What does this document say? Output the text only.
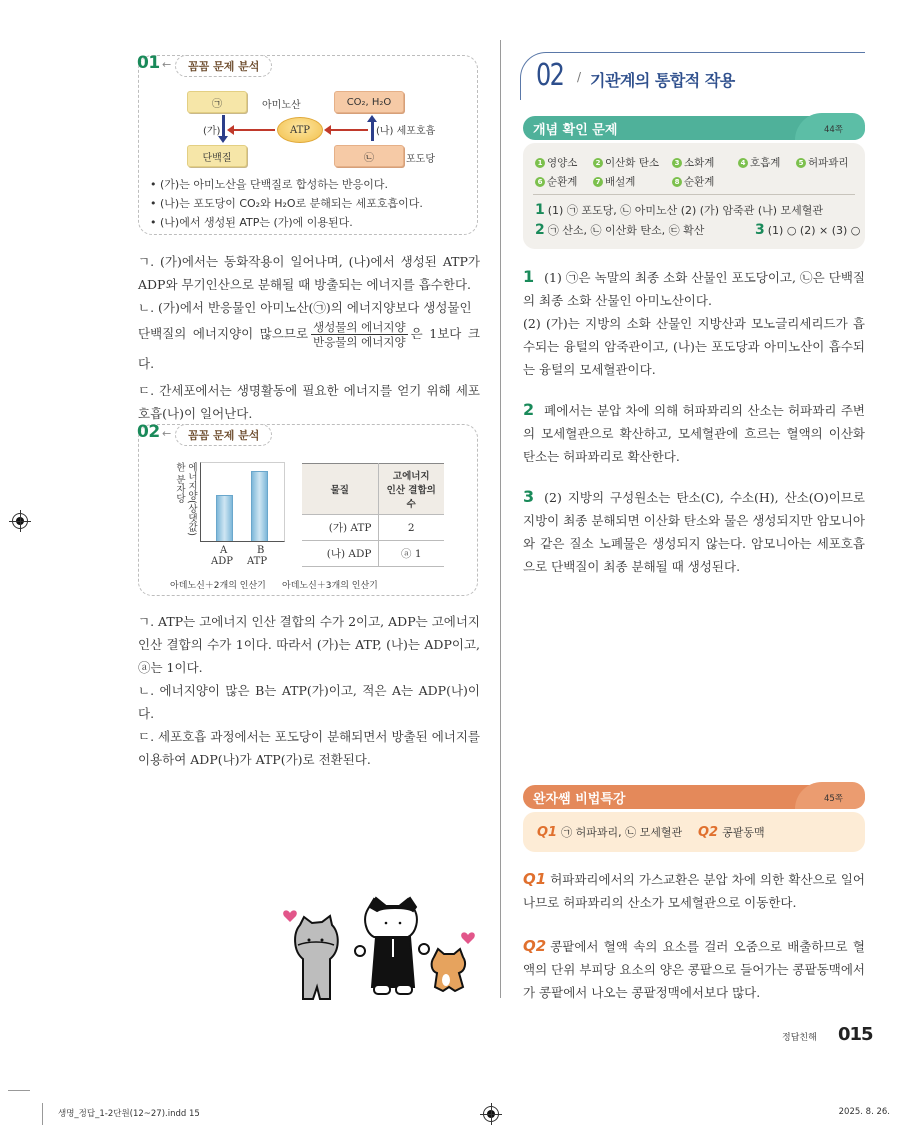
01 ←	꼼꼼 문제 분석
㉠	아미노산
단백질
(가)	ATP
CO₂, H₂O
(나) 세포호흡
㉡	포도당
• (가)는 아미노산을 단백질로 합성하는 반응이다.
• (나)는 포도당이 CO₂와 H₂O로 분해되는 세포호흡이다.
• (나)에서 생성된 ATP는 (가)에 이용된다.

ㄱ. (가)에서는 동화작용이 일어나며, (나)에서 생성된 ATP가 ADP와 무기인산으로 분해될 때 방출되는 에너지를 흡수한다.

ㄴ. (가)에서 반응물인 아미노산(㉠)의 에너지양보다 생성물인

단백질의 에너지양이 많으므로 $\frac{\text{생성물의 에너지양}}{\text{반응물의 에너지양}}$ 은 1보다 크다.

ㄷ. 간세포에서는 생명활동에 필요한 에너지를 얻기 위해 세포호흡(나)이 일어난다.

02 ←	꼼꼼 문제 분석
한 분자당 에너지양(상댓값)
A	B
ADP ATP
아데노신＋2개의 인산기 아데노신＋3개의 인산기
물질	고에너지
인산 결합의 수
(가) ATP	2
(나) ADP	ⓐ 1

ㄱ. ATP는 고에너지 인산 결합의 수가 2이고, ADP는 고에너지 인산 결합의 수가 1이다. 따라서 (가)는 ATP, (나)는 ADP이고, ⓐ는 1이다.

ㄴ. 에너지양이 많은 B는 ATP(가)이고, 적은 A는 ADP(나)이다.

ㄷ. 세포호흡 과정에서는 포도당이 분해되면서 방출된 에너지를 이용하여 ADP(나)가 ATP(가)로 전환된다.

02 / 기관계의 통합적 작용
개념 확인 문제	44쪽
1 영양소	2 이산화 탄소	3 소화계	4 호흡계	5 허파꽈리
6 순환계	7 배설계	8 순환계
1 (1) ㉠ 포도당, ㉡ 아미노산 (2) (가) 암죽관 (나) 모세혈관
2 ㉠ 산소, ㉡ 이산화 탄소, ㉢ 확산	3 (1) ○ (2) × (3) ○

1 (1) ㉠은 녹말의 최종 소화 산물인 포도당이고, ㉡은 단백질의 최종 소화 산물인 아미노산이다.

(2) (가)는 지방의 소화 산물인 지방산과 모노글리세리드가 흡수되는 융털의 암죽관이고, (나)는 포도당과 아미노산이 흡수되는 융털의 모세혈관이다.

2 폐에서는 분압 차에 의해 허파꽈리의 산소는 허파꽈리 주변의 모세혈관으로 확산하고, 모세혈관에 흐르는 혈액의 이산화 탄소는 허파꽈리로 확산한다.

3 (2) 지방의 구성원소는 탄소(C), 수소(H), 산소(O)이므로 지방이 최종 분해되면 이산화 탄소와 물은 생성되지만 암모니아와 같은 질소 노폐물은 생성되지 않는다. 암모니아는 세포호흡으로 단백질이 최종 분해될 때 생성된다.

완자쌤 비법특강	45쪽
Q1 ㉠ 허파꽈리, ㉡ 모세혈관 Q2 콩팥동맥

Q1 허파꽈리에서의 가스교환은 분압 차에 의한 확산으로 일어나므로 허파꽈리의 산소가 모세혈관으로 이동한다.

Q2 콩팥에서 혈액 속의 요소를 걸러 오줌으로 배출하므로 혈액의 단위 부피당 요소의 양은 콩팥으로 들어가는 콩팥동맥에서가 콩팥에서 나오는 콩팥정맥에서보다 많다.

정답친해 015
생명_정답_1-2단원(12~27).indd 15	2025. 8. 26.
